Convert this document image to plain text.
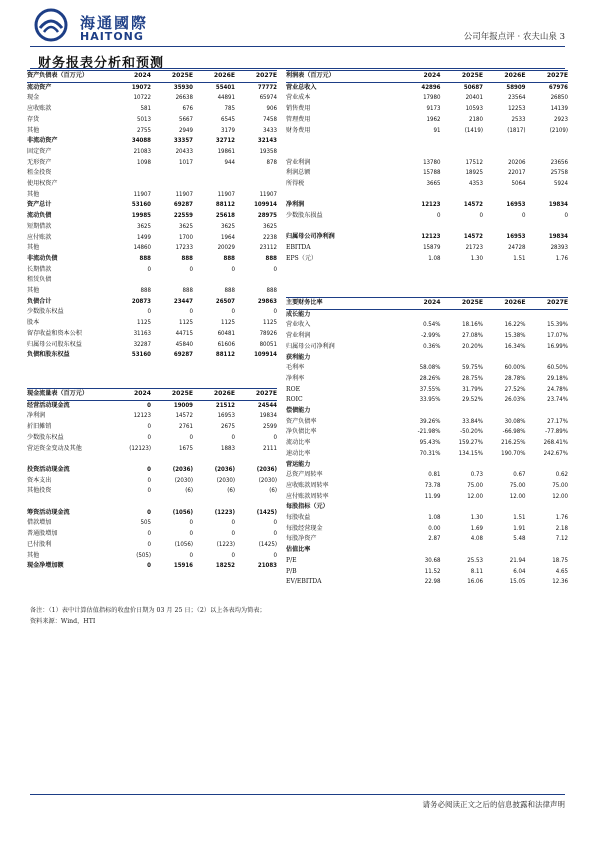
海通國際
HAITONG	公司年报点评 · 农夫山泉 3
财务报表分析和预测
资产负债表（百万元）	2024	2025E	2026E	2027E
流动资产	19072	35930	55401	77772
现金	10722	26638	44891	65974
应收账款	581	676	785	906
存货	5013	5667	6545	7458
其他	2755	2949	3179	3433
非流动资产	34088	33357	32712	32143
固定资产	21083	20433	19861	19358
无形资产	1098	1017	944	878
租金投资				
使用权资产				
其他	11907	11907	11907	11907
资产总计	53160	69287	88112	109914
流动负债	19985	22559	25618	28975
短期借款	3625	3625	3625	3625
应付账款	1499	1700	1964	2238
其他	14860	17233	20029	23112
非流动负债	888	888	888	888
长期借款	0	0	0	0
租赁负债				
其他	888	888	888	888
负债合计	20873	23447	26507	29863
少数股东权益	0	0	0	0
股本	1125	1125	1125	1125
留存收益和资本公积	31163	44715	60481	78926
归属母公司股东权益	32287	45840	61606	80051
负债和股东权益	53160	69287	88112	109914
现金流量表（百万元）	2024	2025E	2026E	2027E
经营活动现金流	0	19009	21512	24544
净利润	12123	14572	16953	19834
折旧摊销	0	2761	2675	2599
少数股东权益	0	0	0	0
营运资金变动及其他	(12123)	1675	1883	2111

投资活动现金流	0	(2036)	(2036)	(2036)
资本支出	0	(2030)	(2030)	(2030)
其他投资	0	(6)	(6)	(6)

筹资活动现金流	0	(1056)	(1223)	(1425)
借款增加	505	0	0	0
普通股增加	0	0	0	0
已付股利	0	(1056)	(1223)	(1425)
其他	(505)	0	0	0
现金净增加额	0	15916	18252	21083
利润表（百万元）	2024	2025E	2026E	2027E
营业总收入	42896	50687	58909	67976
营业成本	17980	20401	23564	26850
销售费用	9173	10593	12253	14139
管理费用	1962	2180	2533	2923
财务费用	91	(1419)	(1817)	(2109)

营业利润	13780	17512	20206	23656
利润总额	15788	18925	22017	25758
所得税	3665	4353	5064	5924

净利润	12123	14572	16953	19834
少数股东损益	0	0	0	0

归属母公司净利润	12123	14572	16953	19834
EBITDA	15879	21723	24728	28393
EPS（元）	1.08	1.30	1.51	1.76
主要财务比率	2024	2025E	2026E	2027E
成长能力				
营业收入	0.54%	18.16%	16.22%	15.39%
营业利润	-2.99%	27.08%	15.38%	17.07%
归属母公司净利润	0.36%	20.20%	16.34%	16.99%
获利能力				
毛利率	58.08%	59.75%	60.00%	60.50%
净利率	28.26%	28.75%	28.78%	29.18%
ROE	37.55%	31.79%	27.52%	24.78%
ROIC	33.95%	29.52%	26.03%	23.74%
偿债能力				
资产负债率	39.26%	33.84%	30.08%	27.17%
净负债比率	-21.98%	-50.20%	-66.98%	-77.89%
流动比率	95.43%	159.27%	216.25%	268.41%
速动比率	70.31%	134.15%	190.70%	242.67%
营运能力				
总资产周转率	0.81	0.73	0.67	0.62
应收账款周转率	73.78	75.00	75.00	75.00
应付账款周转率	11.99	12.00	12.00	12.00
每股指标（元）				
每股收益	1.08	1.30	1.51	1.76
每股经营现金	0.00	1.69	1.91	2.18
每股净资产	2.87	4.08	5.48	7.12
估值比率				
P/E	30.68	25.53	21.94	18.75
P/B	11.52	8.11	6.04	4.65
EV/EBITDA	22.98	16.06	15.05	12.36
备注：（1）表中计算估值指标的收盘价日期为 03 月 25 日；（2）以上各表均为简表；
资料来源：Wind，HTI
请务必阅读正文之后的信息披露和法律声明
